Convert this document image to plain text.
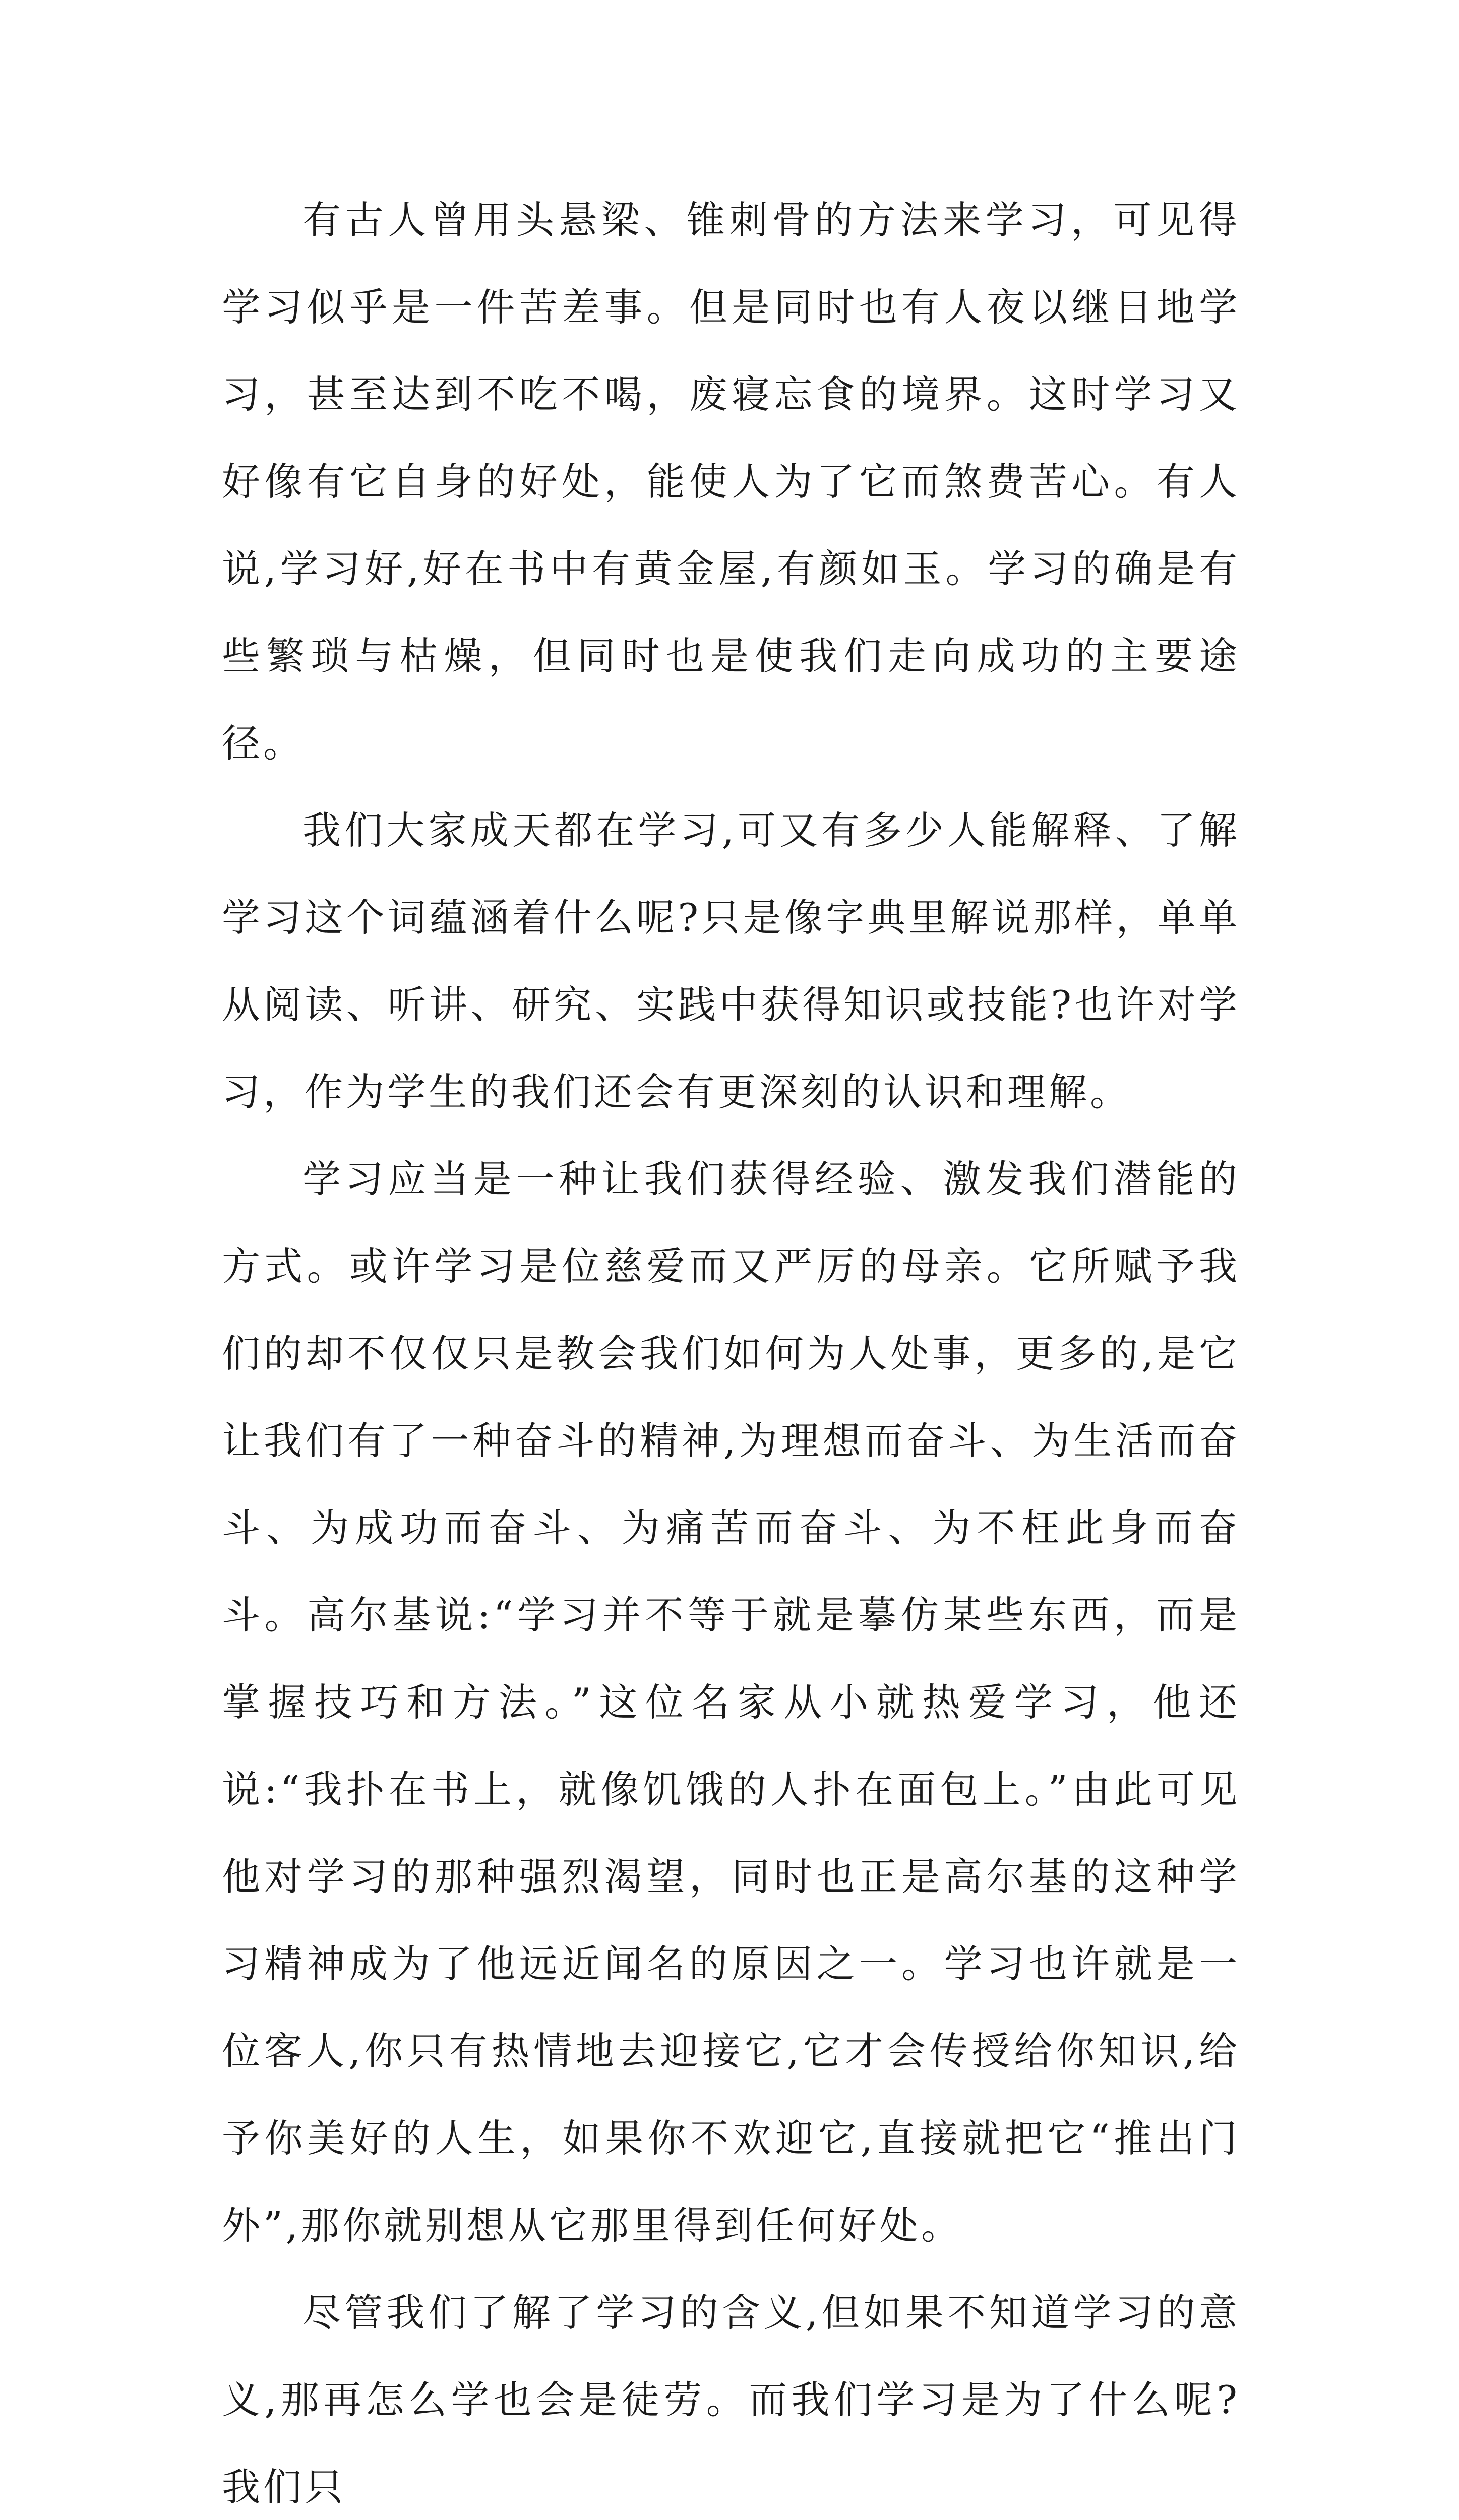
有古人曾用头悬梁、锥刺骨的方法来学习，可见得学习似乎是一件苦差事。但是同时也有人夜以继日地学习，甚至达到不吃不喝，废寝忘食的境界。这时学习又好像有它自身的好处，能使人为了它而煞费苦心。有人说,学习好,好在书中有黄金屋,有颜如玉。学习的确是有些繁琐与枯燥，但同时也是使我们走向成功的主要途径。

我们大家成天都在学习,可又有多少人能解释、了解学习这个词蕴涵着什么呢?只是像字典里解说那样，单单从阅读、听讲、研究、实践中获得知识或技能?也许对学习，作为学生的我们还会有更深刻的认识和理解。

学习应当是一种让我们获得经验、激发我们潜能的方式。或许学习是位慈爱而又严厉的母亲。它所赋予我们的却不仅仅只是教会我们如何为人处事，更多的,是它让我们有了一种奋斗的精神,为理想而奋斗、为生活而奋斗、为成功而奋斗、为痛苦而奋斗、为不枉此身而奋斗。高尔基说:“学习并不等于就是摹仿某些东西，而是掌握技巧和方法。”这位名家从小就热爱学习，他还说:“我扑在书上，就像饥饿的人扑在面包上。”由此可见他对学习的那种强烈渴望，同时也正是高尔基的这种学习精神成为了他远近闻名的原因之一。学习也许就是一位客人,你只有热情地去迎接它,它才会传授给你知识,给予你美好的人生，如果你不欢迎它,直接就把它“推出门外”,那你就别想从它那里得到任何好处。

尽管我们了解了学习的含义,但如果不知道学习的意义,那再怎么学也会是徒劳。而我们学习是为了什么呢?我们只
